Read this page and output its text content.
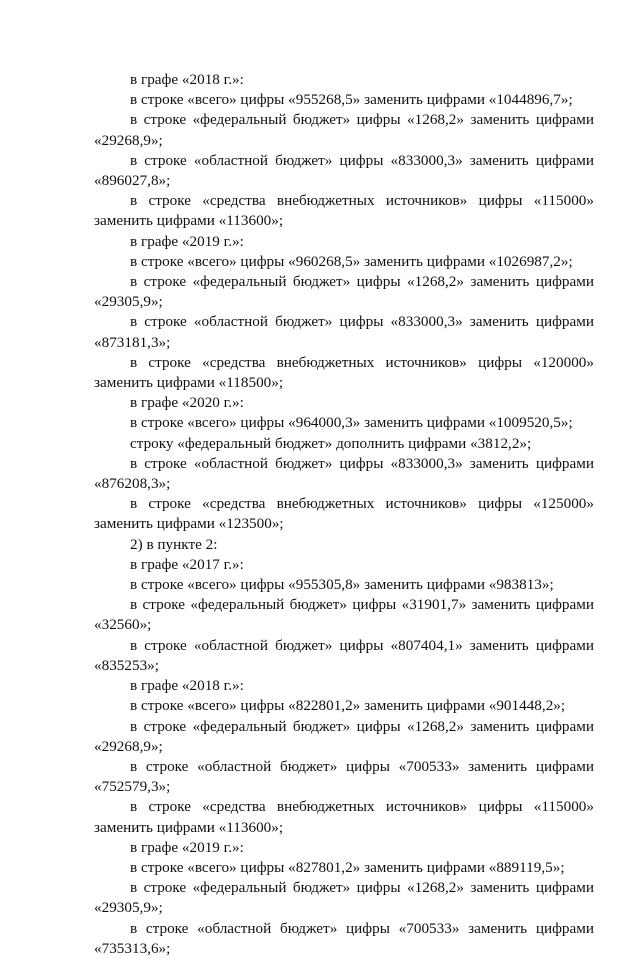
в графе «2018 г.»:

в строке «всего» цифры «955268,5» заменить цифрами «1044896,7»;

в строке «федеральный бюджет» цифры «1268,2» заменить цифрами «29268,9»;

в строке «областной бюджет» цифры «833000,3» заменить цифрами «896027,8»;

в строке «средства внебюджетных источников» цифры «115000» заменить цифрами «113600»;

в графе «2019 г.»:

в строке «всего» цифры «960268,5» заменить цифрами «1026987,2»;

в строке «федеральный бюджет» цифры «1268,2» заменить цифрами «29305,9»;

в строке «областной бюджет» цифры «833000,3» заменить цифрами «873181,3»;

в строке «средства внебюджетных источников» цифры «120000» заменить цифрами «118500»;

в графе «2020 г.»:

в строке «всего» цифры «964000,3» заменить цифрами «1009520,5»;

строку «федеральный бюджет» дополнить цифрами «3812,2»;

в строке «областной бюджет» цифры «833000,3» заменить цифрами «876208,3»;

в строке «средства внебюджетных источников» цифры «125000» заменить цифрами «123500»;

2) в пункте 2:

в графе «2017 г.»:

в строке «всего» цифры «955305,8» заменить цифрами «983813»;

в строке «федеральный бюджет» цифры «31901,7» заменить цифрами «32560»;

в строке «областной бюджет» цифры «807404,1» заменить цифрами «835253»;

в графе «2018 г.»:

в строке «всего» цифры «822801,2» заменить цифрами «901448,2»;

в строке «федеральный бюджет» цифры «1268,2» заменить цифрами «29268,9»;

в строке «областной бюджет» цифры «700533» заменить цифрами «752579,3»;

в строке «средства внебюджетных источников» цифры «115000» заменить цифрами «113600»;

в графе «2019 г.»:

в строке «всего» цифры «827801,2» заменить цифрами «889119,5»;

в строке «федеральный бюджет» цифры «1268,2» заменить цифрами «29305,9»;

в строке «областной бюджет» цифры «700533» заменить цифрами «735313,6»;
